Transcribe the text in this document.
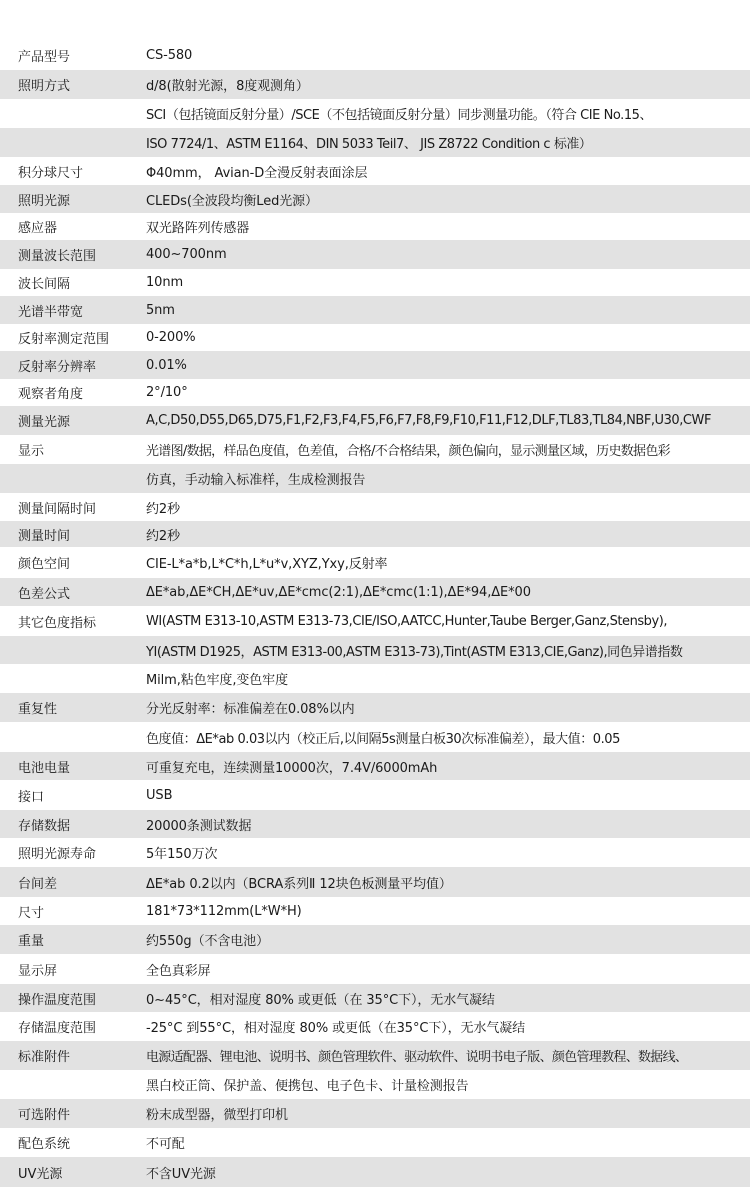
产品型号	CS-580
照明方式	d/8(散射光源，8度观测角）
SCI（包括镜面反射分量）/SCE（不包括镜面反射分量）同步测量功能。（符合 CIE No.15、
ISO 7724/1、ASTM E1164、DIN 5033 Teil7、 JIS Z8722 Condition c 标准）
积分球尺寸	Φ40mm， Avian-D全漫反射表面涂层
照明光源	CLEDs(全波段均衡Led光源）
感应器	双光路阵列传感器
测量波长范围	400~700nm
波长间隔	10nm
光谱半带宽	5nm
反射率测定范围	0-200%
反射率分辨率	0.01%
观察者角度	2°/10°
测量光源	A,C,D50,D55,D65,D75,F1,F2,F3,F4,F5,F6,F7,F8,F9,F10,F11,F12,DLF,TL83,TL84,NBF,U30,CWF
显示	光谱图/数据，样品色度值，色差值，合格/不合格结果，颜色偏向，显示测量区域，历史数据色彩
仿真，手动输入标准样，生成检测报告
测量间隔时间	约2秒
测量时间	约2秒
颜色空间	CIE-L*a*b,L*C*h,L*u*v,XYZ,Yxy,反射率
色差公式	ΔE*ab,ΔE*CH,ΔE*uv,ΔE*cmc(2:1),ΔE*cmc(1:1),ΔE*94,ΔE*00
其它色度指标	WI(ASTM E313-10,ASTM E313-73,CIE/ISO,AATCC,Hunter,Taube Berger,Ganz,Stensby),
YI(ASTM D1925，ASTM E313-00,ASTM E313-73),Tint(ASTM E313,CIE,Ganz),同色异谱指数
Milm,粘色牢度,变色牢度
重复性	分光反射率：标准偏差在0.08%以内
色度值：ΔE*ab 0.03以内（校正后,以间隔5s测量白板30次标准偏差），最大值：0.05
电池电量	可重复充电，连续测量10000次，7.4V/6000mAh
接口	USB
存储数据	20000条测试数据
照明光源寿命	5年150万次
台间差	ΔE*ab 0.2以内（BCRA系列Ⅱ 12块色板测量平均值）
尺寸	181*73*112mm(L*W*H)
重量	约550g（不含电池）
显示屏	全色真彩屏
操作温度范围	0~45°C，相对湿度 80% 或更低（在 35°C下），无水气凝结
存储温度范围	-25°C 到55°C，相对湿度 80% 或更低（在35°C下），无水气凝结
标准附件	电源适配器、锂电池、说明书、颜色管理软件、驱动软件、说明书电子版、颜色管理教程、数据线、
黑白校正筒、保护盖、便携包、电子色卡、计量检测报告
可选附件	粉末成型器，微型打印机
配色系统	不可配
UV光源	不含UV光源
